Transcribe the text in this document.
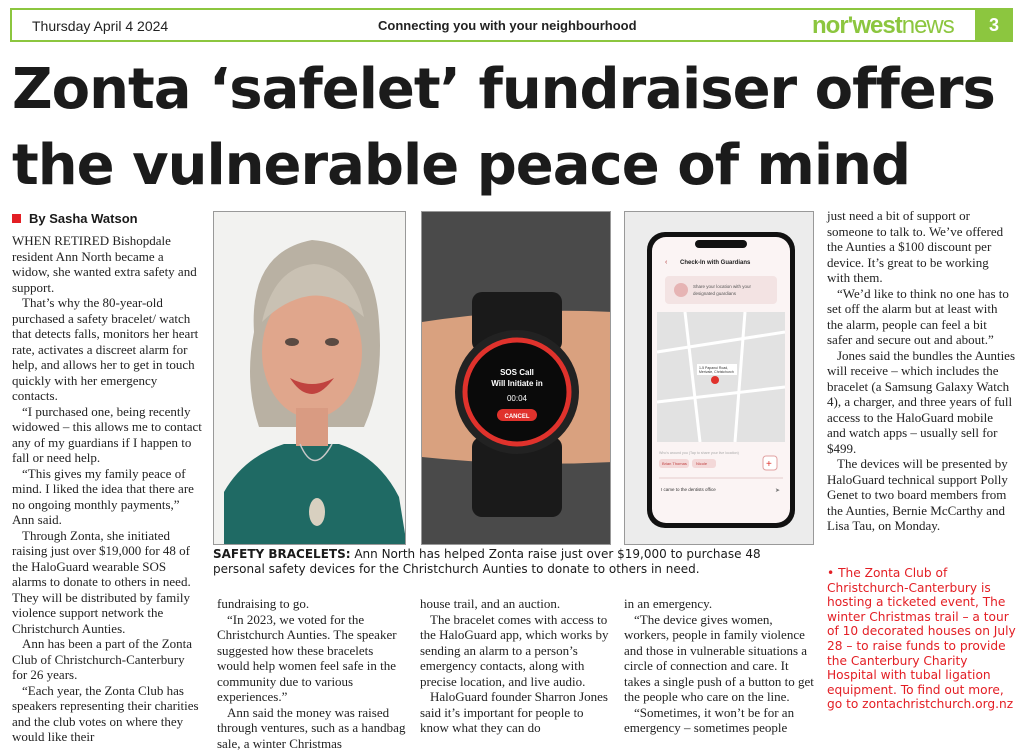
Thursday April 4 2024	Connecting you with your neighbourhood	nor'westnews	3
Zonta ‘safelet’ fundraiser offers
the vulnerable peace of mind
By Sasha Watson

WHEN RETIRED Bishopdale resident Ann North became a widow, she wanted extra safety and support.

That’s why the 80-year-old purchased a safety bracelet/ watch that detects falls, monitors her heart rate, activates a discreet alarm for help, and allows her to get in touch quickly with her emergency contacts.

“I purchased one, being recently widowed – this allows me to contact any of my guardians if I happen to fall or need help.

“This gives my family peace of mind. I liked the idea that there are no ongoing monthly payments,” Ann said.

Through Zonta, she initiated raising just over $19,000 for 48 of the HaloGuard wearable SOS alarms to donate to others in need. They will be distributed by family violence support network the Christchurch Aunties.

Ann has been a part of the Zonta Club of Christchurch-Canterbury for 26 years.

“Each year, the Zonta Club has speakers representing their charities and the club votes on where they would like their

SOS Call
Will Initiate in
00:04
CANCEL
‹ Check-In with Guardians
Share your location with your
designated guardians
1-5 Papanui Road,
Merivale, Christchurch
Who's around you (Tap to share your live location)
Brian Thomas Nicole	+
I came to the dentists office	➤
SAFETY BRACELETS: Ann North has helped Zonta raise just over $19,000 to purchase 48 personal safety devices for the Christchurch Aunties to donate to others in need.

fundraising to go.

“In 2023, we voted for the Christchurch Aunties. The speaker suggested how these bracelets would help women feel safe in the community due to various experiences.”

Ann said the money was raised through ventures, such as a handbag sale, a winter Christmas

house trail, and an auction.

The bracelet comes with access to the HaloGuard app, which works by sending an alarm to a person’s emergency contacts, along with precise location, and live audio.

HaloGuard founder Sharron Jones said it’s important for people to know what they can do

in an emergency.

“The device gives women, workers, people in family violence and those in vulnerable situations a circle of connection and care. It takes a single push of a button to get the people who care on the line.

“Sometimes, it won’t be for an emergency – sometimes people

just need a bit of support or someone to talk to. We’ve offered the Aunties a $100 discount per device. It’s great to be working with them.

“We’d like to think no one has to set off the alarm but at least with the alarm, people can feel a bit safer and secure out and about.”

Jones said the bundles the Aunties will receive – which includes the bracelet (a Samsung Galaxy Watch 4), a charger, and three years of full access to the HaloGuard mobile and watch apps – usually sell for $499.

The devices will be presented by HaloGuard technical support Polly Genet to two board members from the Aunties, Bernie McCarthy and Lisa Tau, on Monday.

• The Zonta Club of Christchurch-Canterbury is hosting a ticketed event, The winter Christmas trail – a tour of 10 decorated houses on July 28 – to raise funds to provide the Canterbury Charity Hospital with tubal ligation equipment. To find out more, go to zontachristchurch.org.nz
